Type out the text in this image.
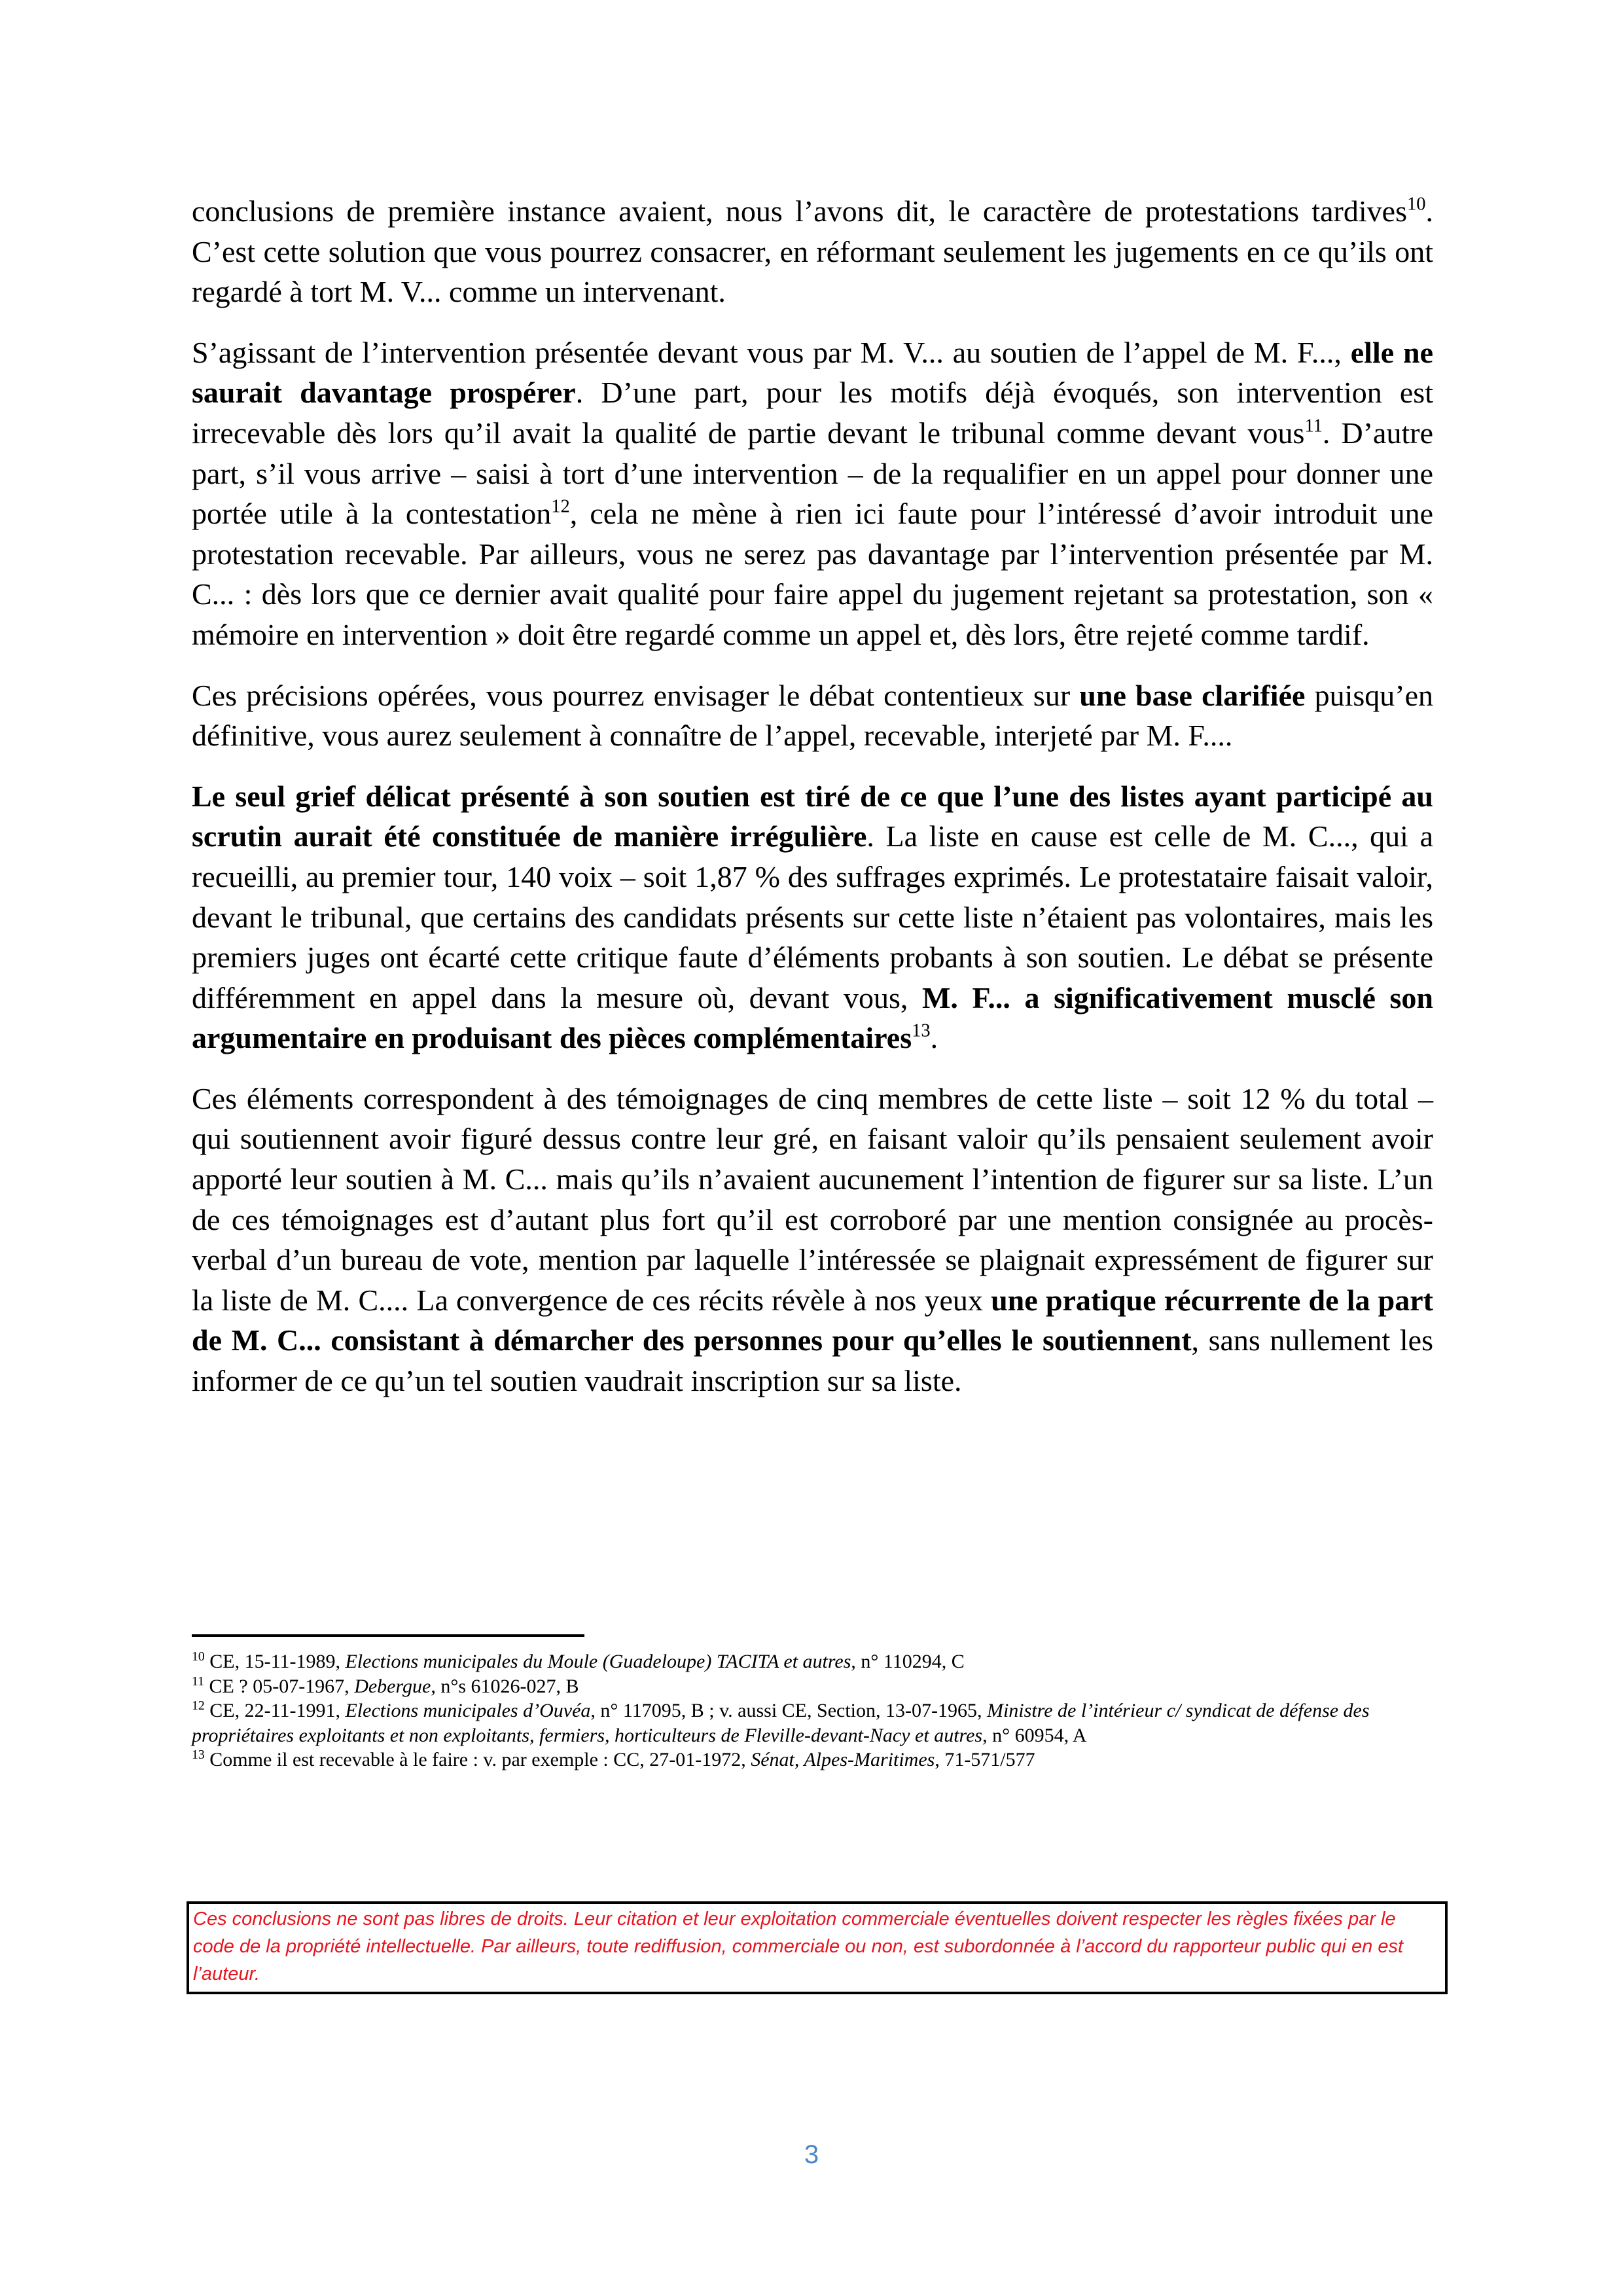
conclusions de première instance avaient, nous l’avons dit, le caractère de protestations tardives$^{10}$. C’est cette solution que vous pourrez consacrer, en réformant seulement les jugements en ce qu’ils ont regardé à tort M. V... comme un intervenant.

S’agissant de l’intervention présentée devant vous par M. V... au soutien de l’appel de M. F..., elle ne saurait davantage prospérer. D’une part, pour les motifs déjà évoqués, son intervention est irrecevable dès lors qu’il avait la qualité de partie devant le tribunal comme devant vous$^{11}$. D’autre part, s’il vous arrive – saisi à tort d’une intervention – de la requalifier en un appel pour donner une portée utile à la contestation$^{12}$, cela ne mène à rien ici faute pour l’intéressé d’avoir introduit une protestation recevable. Par ailleurs, vous ne serez pas davantage par l’intervention présentée par M. C... : dès lors que ce dernier avait qualité pour faire appel du jugement rejetant sa protestation, son « mémoire en intervention » doit être regardé comme un appel et, dès lors, être rejeté comme tardif.

Ces précisions opérées, vous pourrez envisager le débat contentieux sur une base clarifiée puisqu’en définitive, vous aurez seulement à connaître de l’appel, recevable, interjeté par M. F....

Le seul grief délicat présenté à son soutien est tiré de ce que l’une des listes ayant participé au scrutin aurait été constituée de manière irrégulière. La liste en cause est celle de M. C..., qui a recueilli, au premier tour, 140 voix – soit 1,87 % des suffrages exprimés. Le protestataire faisait valoir, devant le tribunal, que certains des candidats présents sur cette liste n’étaient pas volontaires, mais les premiers juges ont écarté cette critique faute d’éléments probants à son soutien. Le débat se présente différemment en appel dans la mesure où, devant vous, M. F... a significativement musclé son argumentaire en produisant des pièces complémentaires$^{13}$.

Ces éléments correspondent à des témoignages de cinq membres de cette liste – soit 12 % du total – qui soutiennent avoir figuré dessus contre leur gré, en faisant valoir qu’ils pensaient seulement avoir apporté leur soutien à M. C... mais qu’ils n’avaient aucunement l’intention de figurer sur sa liste. L’un de ces témoignages est d’autant plus fort qu’il est corroboré par une mention consignée au procès-verbal d’un bureau de vote, mention par laquelle l’intéressée se plaignait expressément de figurer sur la liste de M. C.... La convergence de ces récits révèle à nos yeux une pratique récurrente de la part de M. C... consistant à démarcher des personnes pour qu’elles le soutiennent, sans nullement les informer de ce qu’un tel soutien vaudrait inscription sur sa liste.

$^{10}$ CE, 15-11-1989, Elections municipales du Moule (Guadeloupe) TACITA et autres, n° 110294, C

$^{11}$ CE ? 05-07-1967, Debergue, n°s 61026-027, B

$^{12}$ CE, 22-11-1991, Elections municipales d’Ouvéa, n° 117095, B ; v. aussi CE, Section, 13-07-1965, Ministre de l’intérieur c/ syndicat de défense des propriétaires exploitants et non exploitants, fermiers, horticulteurs de Fleville-devant-Nacy et autres, n° 60954, A

$^{13}$ Comme il est recevable à le faire : v. par exemple : CC, 27-01-1972, Sénat, Alpes-Maritimes, 71-571/577

Ces conclusions ne sont pas libres de droits. Leur citation et leur exploitation commerciale éventuelles doivent respecter les règles fixées par le code de la propriété intellectuelle. Par ailleurs, toute rediffusion, commerciale ou non, est subordonnée à l’accord du rapporteur public qui en est l’auteur.
3
